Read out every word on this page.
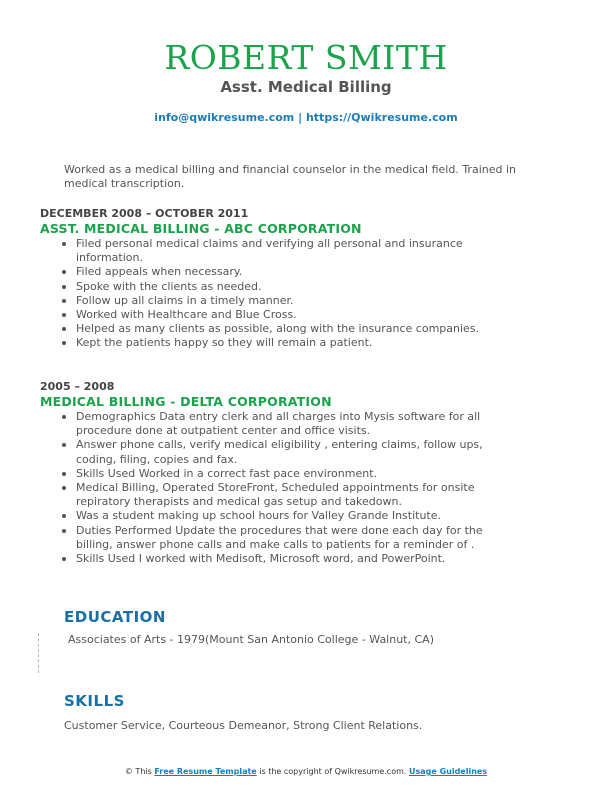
ROBERT SMITH
Asst. Medical Billing
info@qwikresume.com | https://Qwikresume.com

Worked as a medical billing and financial counselor in the medical field. Trained in medical transcription.

DECEMBER 2008 – OCTOBER 2011
ASST. MEDICAL BILLING - ABC CORPORATION
Filed personal medical claims and verifying all personal and insurance information.
Filed appeals when necessary.
Spoke with the clients as needed.
Follow up all claims in a timely manner.
Worked with Healthcare and Blue Cross.
Helped as many clients as possible, along with the insurance companies.
Kept the patients happy so they will remain a patient.
2005 – 2008
MEDICAL BILLING - DELTA CORPORATION
Demographics Data entry clerk and all charges into Mysis software for all procedure done at outpatient center and office visits.
Answer phone calls, verify medical eligibility , entering claims, follow ups, coding, filing, copies and fax.
Skills Used Worked in a correct fast pace environment.
Medical Billing, Operated StoreFront, Scheduled appointments for onsite repiratory therapists and medical gas setup and takedown.
Was a student making up school hours for Valley Grande Institute.
Duties Performed Update the procedures that were done each day for the billing, answer phone calls and make calls to patients for a reminder of .
Skills Used I worked with Medisoft, Microsoft word, and PowerPoint.
EDUCATION
Associates of Arts - 1979(Mount San Antonio College - Walnut, CA)
SKILLS
Customer Service, Courteous Demeanor, Strong Client Relations.
© This Free Resume Template is the copyright of Qwikresume.com. Usage Guidelines
